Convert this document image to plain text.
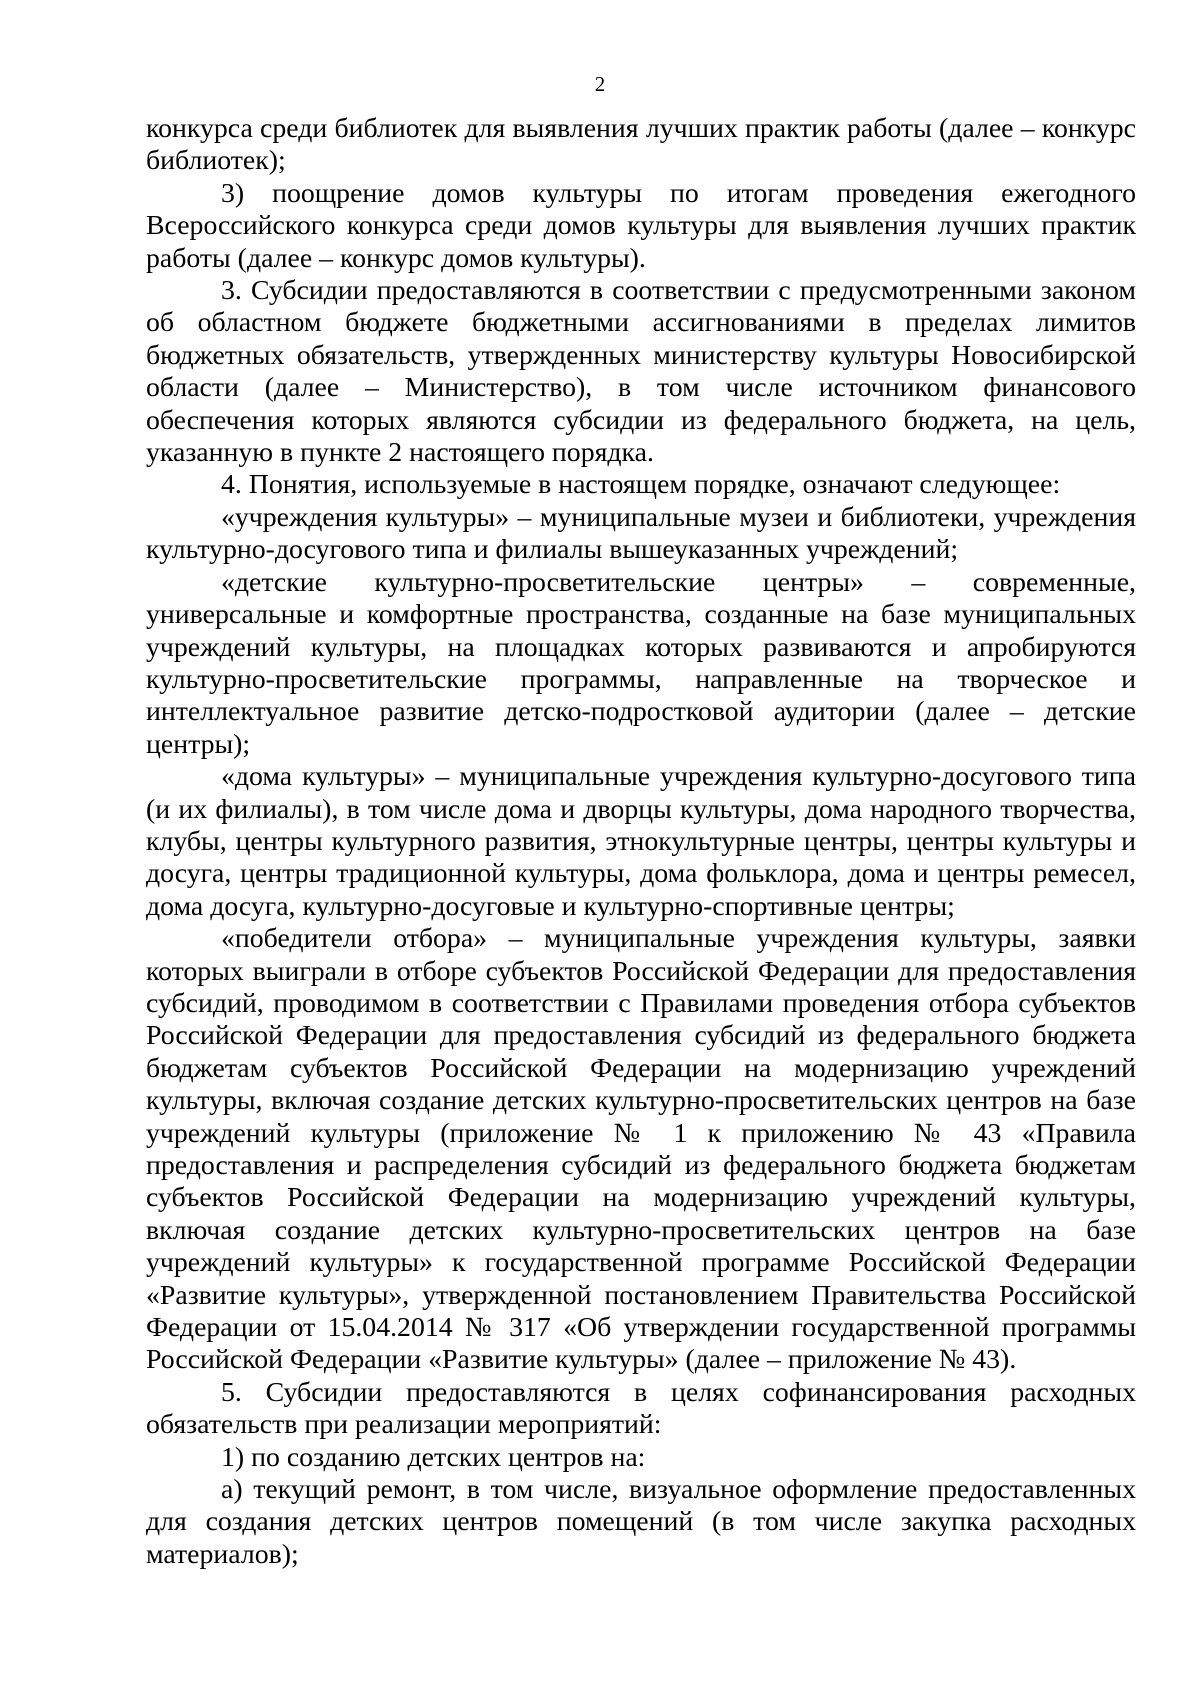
2

конкурса среди библиотек для выявления лучших практик работы (далее – конкурс библиотек);

3) поощрение домов культуры по итогам проведения ежегодного Всероссийского конкурса среди домов культуры для выявления лучших практик работы (далее – конкурс домов культуры).

3. Субсидии предоставляются в соответствии с предусмотренными законом об областном бюджете бюджетными ассигнованиями в пределах лимитов бюджетных обязательств, утвержденных министерству культуры Новосибирской области (далее – Министерство), в том числе источником финансового обеспечения которых являются субсидии из федерального бюджета, на цель, указанную в пункте 2 настоящего порядка.

4. Понятия, используемые в настоящем порядке, означают следующее:

«учреждения культуры» – муниципальные музеи и библиотеки, учреждения культурно-досугового типа и филиалы вышеуказанных учреждений;

«детские культурно-просветительские центры» – современные, универсальные и комфортные пространства, созданные на базе муниципальных учреждений культуры, на площадках которых развиваются и апробируются культурно-просветительские программы, направленные на творческое и интеллектуальное развитие детско-подростковой аудитории (далее – детские центры);

«дома культуры» – муниципальные учреждения культурно-досугового типа (и их филиалы), в том числе дома и дворцы культуры, дома народного творчества, клубы, центры культурного развития, этнокультурные центры, центры культуры и досуга, центры традиционной культуры, дома фольклора, дома и центры ремесел, дома досуга, культурно-досуговые и культурно-спортивные центры;

«победители отбора» – муниципальные учреждения культуры, заявки которых выиграли в отборе субъектов Российской Федерации для предоставления субсидий, проводимом в соответствии с Правилами проведения отбора субъектов Российской Федерации для предоставления субсидий из федерального бюджета бюджетам субъектов Российской Федерации на модернизацию учреждений культуры, включая создание детских культурно-просветительских центров на базе учреждений культуры (приложение № 1 к приложению № 43 «Правила предоставления и распределения субсидий из федерального бюджета бюджетам субъектов Российской Федерации на модернизацию учреждений культуры, включая создание детских культурно-просветительских центров на базе учреждений культуры» к государственной программе Российской Федерации «Развитие культуры», утвержденной постановлением Правительства Российской Федерации от 15.04.2014 № 317 «Об утверждении государственной программы Российской Федерации «Развитие культуры» (далее – приложение № 43).

5. Субсидии предоставляются в целях софинансирования расходных обязательств при реализации мероприятий:

1) по созданию детских центров на:

а) текущий ремонт, в том числе, визуальное оформление предоставленных для создания детских центров помещений (в том числе закупка расходных материалов);
